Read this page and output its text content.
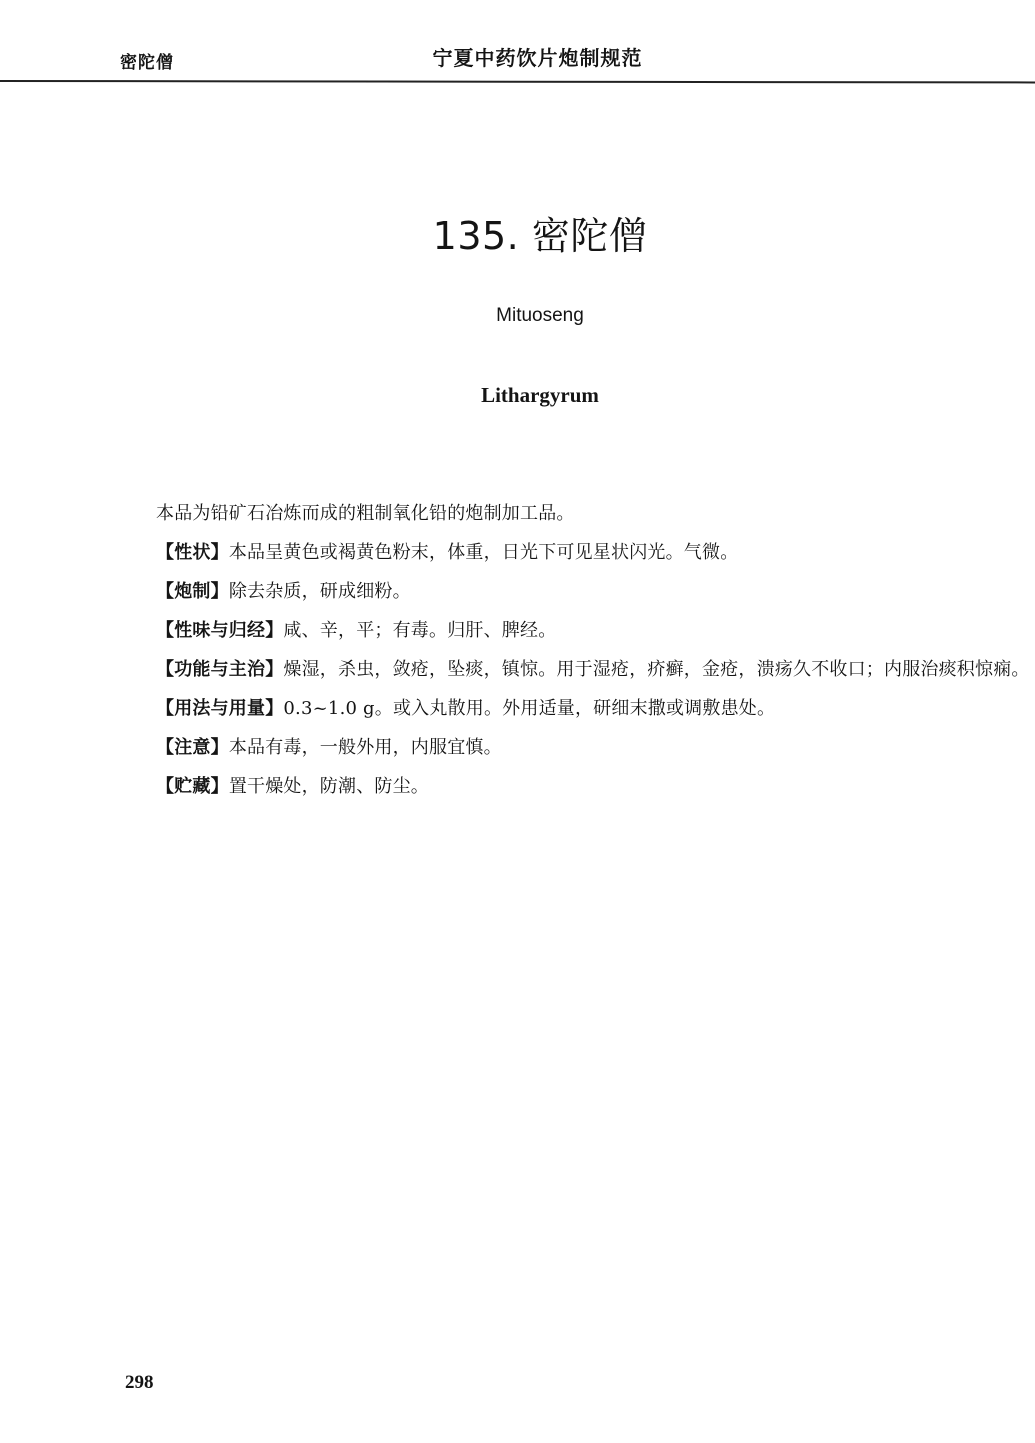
密陀僧	宁夏中药饮片炮制规范
135. 密陀僧
Mituoseng
Lithargyrum
本品为铅矿石冶炼而成的粗制氧化铅的炮制加工品。
【性状】本品呈黄色或褐黄色粉末，体重，日光下可见星状闪光。气微。
【炮制】除去杂质，研成细粉。
【性味与归经】咸、辛，平；有毒。归肝、脾经。
【功能与主治】燥湿，杀虫，敛疮，坠痰，镇惊。用于湿疮，疥癣，金疮，溃疡久不收口；内服治痰积惊痫。
【用法与用量】0.3~1.0 g。或入丸散用。外用适量，研细末撒或调敷患处。
【注意】本品有毒，一般外用，内服宜慎。
【贮藏】置干燥处，防潮、防尘。
298
